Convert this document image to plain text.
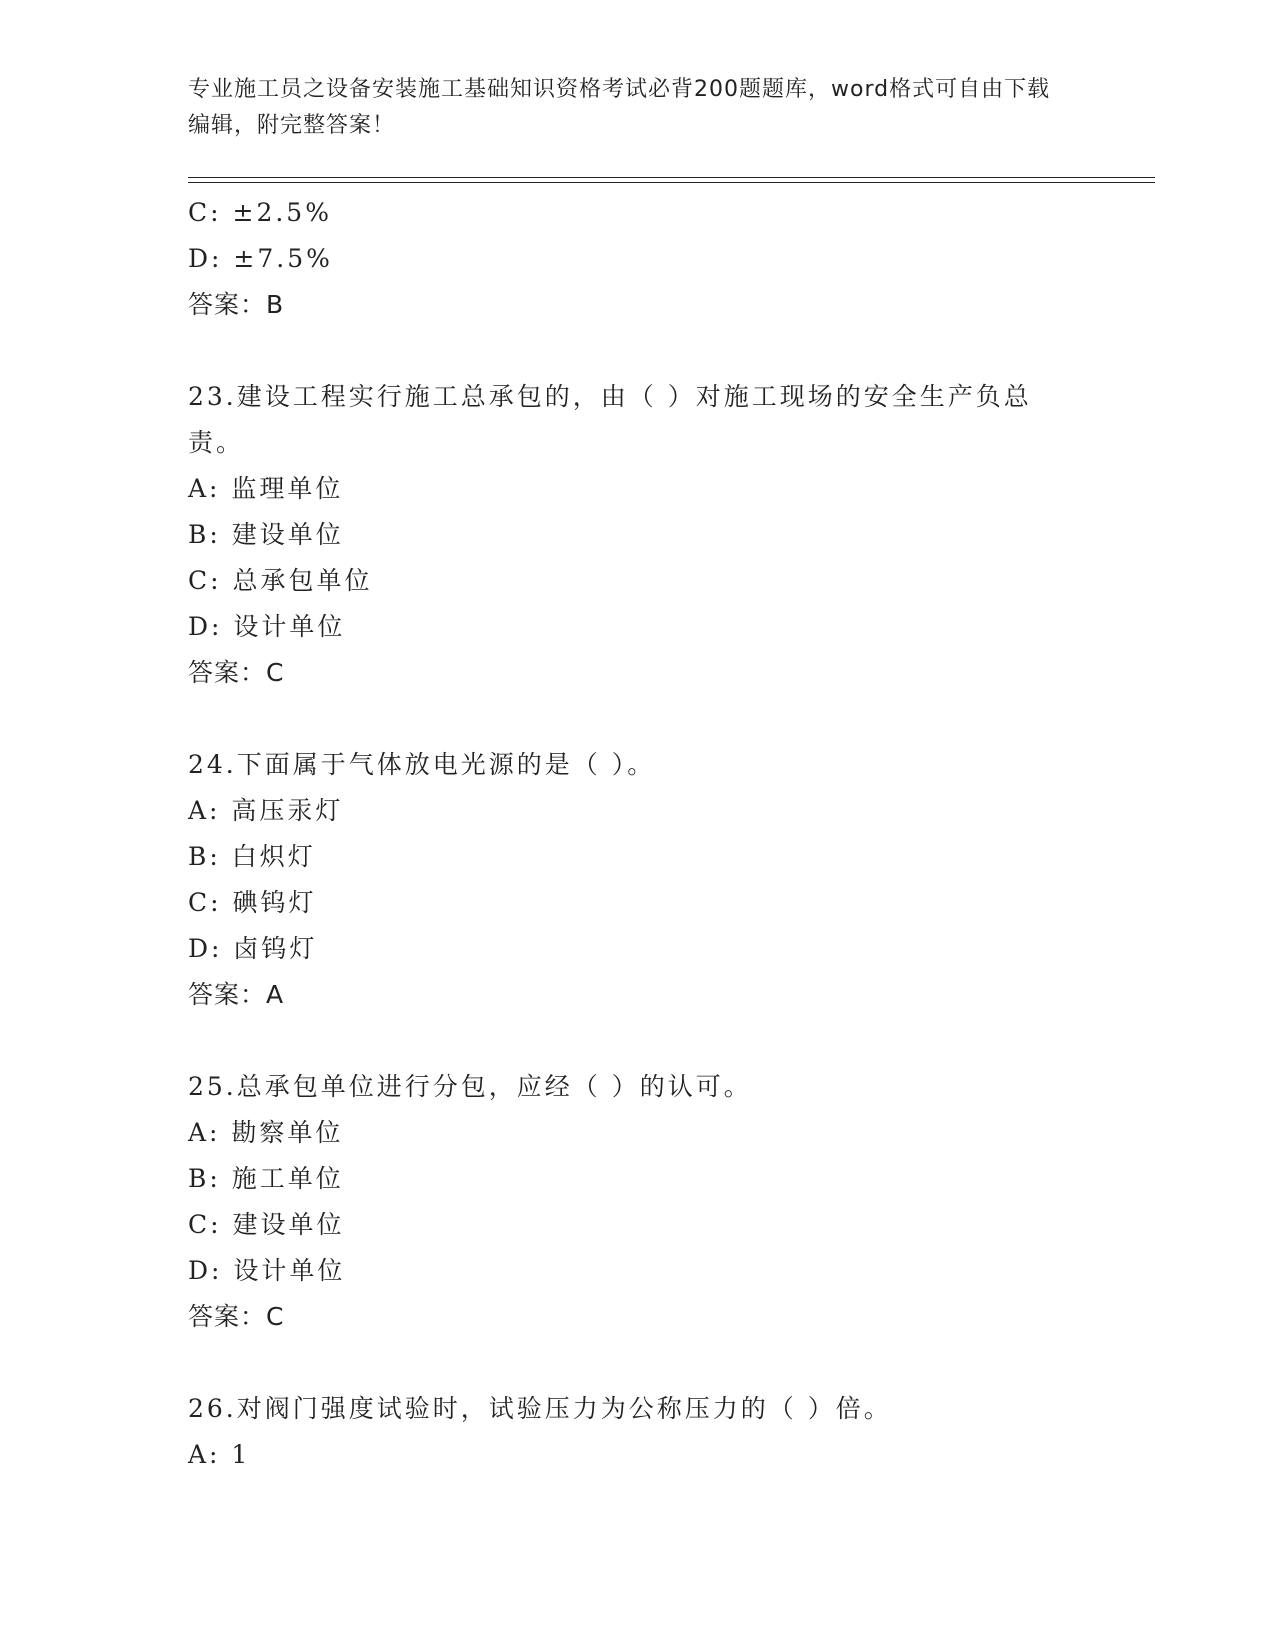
专业施工员之设备安装施工基础知识资格考试必背200题题库，word格式可自由下载编辑，附完整答案！
C: ±2.5%
D: ±7.5%
答案：B
23.建设工程实行施工总承包的，由（ ）对施工现场的安全生产负总责。
A: 监理单位
B: 建设单位
C: 总承包单位
D: 设计单位
答案：C
24.下面属于气体放电光源的是（ ）。
A: 高压汞灯
B: 白炽灯
C: 碘钨灯
D: 卤钨灯
答案：A
25.总承包单位进行分包，应经（ ）的认可。
A: 勘察单位
B: 施工单位
C: 建设单位
D: 设计单位
答案：C
26.对阀门强度试验时，试验压力为公称压力的（ ）倍。
A: 1
